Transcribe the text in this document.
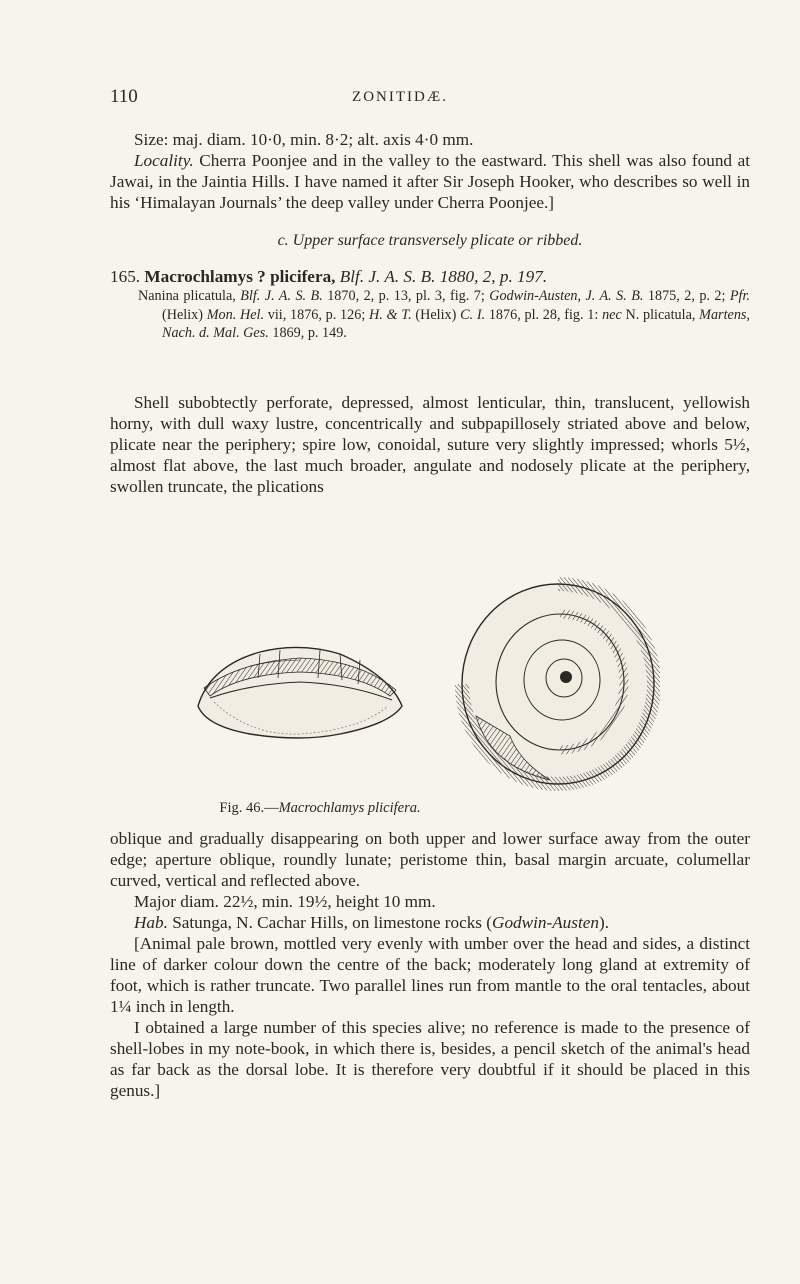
110	ZONITIDÆ.

Size: maj. diam. 10·0, min. 8·2; alt. axis 4·0 mm.

Locality. Cherra Poonjee and in the valley to the eastward. This shell was also found at Jawai, in the Jaintia Hills. I have named it after Sir Joseph Hooker, who describes so well in his ‘Himalayan Journals’ the deep valley under Cherra Poonjee.]

c. Upper surface transversely plicate or ribbed.

165. Macrochlamys ? plicifera, Blf. J. A. S. B. 1880, 2, p. 197.

Nanina plicatula, Blf. J. A. S. B. 1870, 2, p. 13, pl. 3, fig. 7; Godwin-Austen, J. A. S. B. 1875, 2, p. 2; Pfr. (Helix) Mon. Hel. vii, 1876, p. 126; H. & T. (Helix) C. I. 1876, pl. 28, fig. 1: nec N. plicatula, Martens, Nach. d. Mal. Ges. 1869, p. 149.

Shell subobtectly perforate, depressed, almost lenticular, thin, translucent, yellowish horny, with dull waxy lustre, concentrically and subpapillosely striated above and below, plicate near the periphery; spire low, conoidal, suture very slightly impressed; whorls 5½, almost flat above, the last much broader, angulate and nodosely plicate at the periphery, swollen truncate, the plications

Fig. 46.—Macrochlamys plicifera.

oblique and gradually disappearing on both upper and lower surface away from the outer edge; aperture oblique, roundly lunate; peristome thin, basal margin arcuate, columellar curved, vertical and reflected above.

Major diam. 22½, min. 19½, height 10 mm.

Hab. Satunga, N. Cachar Hills, on limestone rocks (Godwin-Austen).

[Animal pale brown, mottled very evenly with umber over the head and sides, a distinct line of darker colour down the centre of the back; moderately long gland at extremity of foot, which is rather truncate. Two parallel lines run from mantle to the oral tentacles, about 1¼ inch in length.

I obtained a large number of this species alive; no reference is made to the presence of shell-lobes in my note-book, in which there is, besides, a pencil sketch of the animal's head as far back as the dorsal lobe. It is therefore very doubtful if it should be placed in this genus.]
